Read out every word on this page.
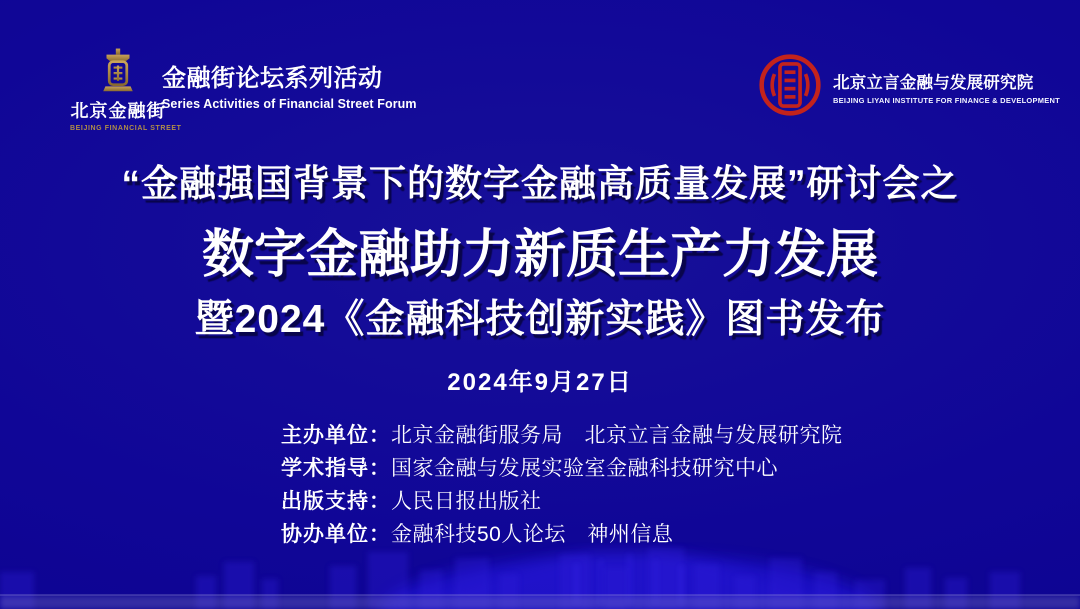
北京金融街
BEIJING FINANCIAL STREET
金融街论坛系列活动
Series Activities of Financial Street Forum
北京立言金融与发展研究院
BEIJING LIYAN INSTITUTE FOR FINANCE & DEVELOPMENT
“金融强国背景下的数字金融高质量发展”研讨会之
数字金融助力新质生产力发展
暨2024《金融科技创新实践》图书发布
2024年9月27日
主办单位：北京金融街服务局　北京立言金融与发展研究院
学术指导：国家金融与发展实验室金融科技研究中心
出版支持：人民日报出版社
协办单位：金融科技50人论坛　神州信息
